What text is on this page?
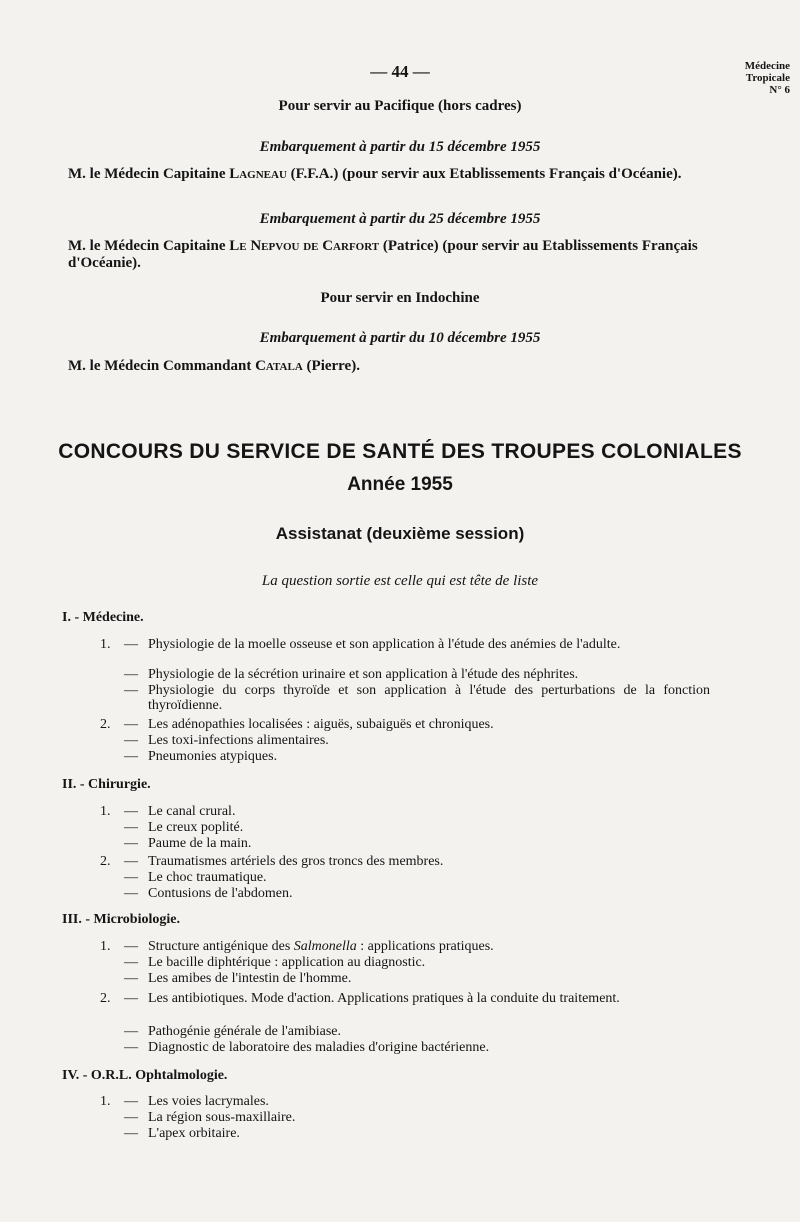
— 44 —	Médecine
Tropicale
N° 6
Pour servir au Pacifique (hors cadres)
Embarquement à partir du 15 décembre 1955
M. le Médecin Capitaine Lagneau (F.F.A.) (pour servir aux Etablissements Français d'Océanie).
Embarquement à partir du 25 décembre 1955
M. le Médecin Capitaine Le Nepvou de Carfort (Patrice) (pour servir au Etablissements Français d'Océanie).
Pour servir en Indochine
Embarquement à partir du 10 décembre 1955
M. le Médecin Commandant Catala (Pierre).
CONCOURS DU SERVICE DE SANTÉ DES TROUPES COLONIALES
Année 1955
Assistanat (deuxième session)
La question sortie est celle qui est tête de liste
I. - Médecine.
1. — Physiologie de la moelle osseuse et son application à l'étude des anémies de l'adulte.
— Physiologie de la sécrétion urinaire et son application à l'étude des néphrites.
— Physiologie du corps thyroïde et son application à l'étude des perturbations de la fonction thyroïdienne.
2. — Les adénopathies localisées : aiguës, subaiguës et chroniques.
— Les toxi-infections alimentaires.
— Pneumonies atypiques.
II. - Chirurgie.
1. — Le canal crural.
— Le creux poplité.
— Paume de la main.
2. — Traumatismes artériels des gros troncs des membres.
— Le choc traumatique.
— Contusions de l'abdomen.
III. - Microbiologie.
1. — Structure antigénique des Salmonella : applications pratiques.
— Le bacille diphtérique : application au diagnostic.
— Les amibes de l'intestin de l'homme.
2. — Les antibiotiques. Mode d'action. Applications pratiques à la conduite du traitement.
— Pathogénie générale de l'amibiase.
— Diagnostic de laboratoire des maladies d'origine bactérienne.
IV. - O.R.L. Ophtalmologie.
1. — Les voies lacrymales.
— La région sous-maxillaire.
— L'apex orbitaire.
